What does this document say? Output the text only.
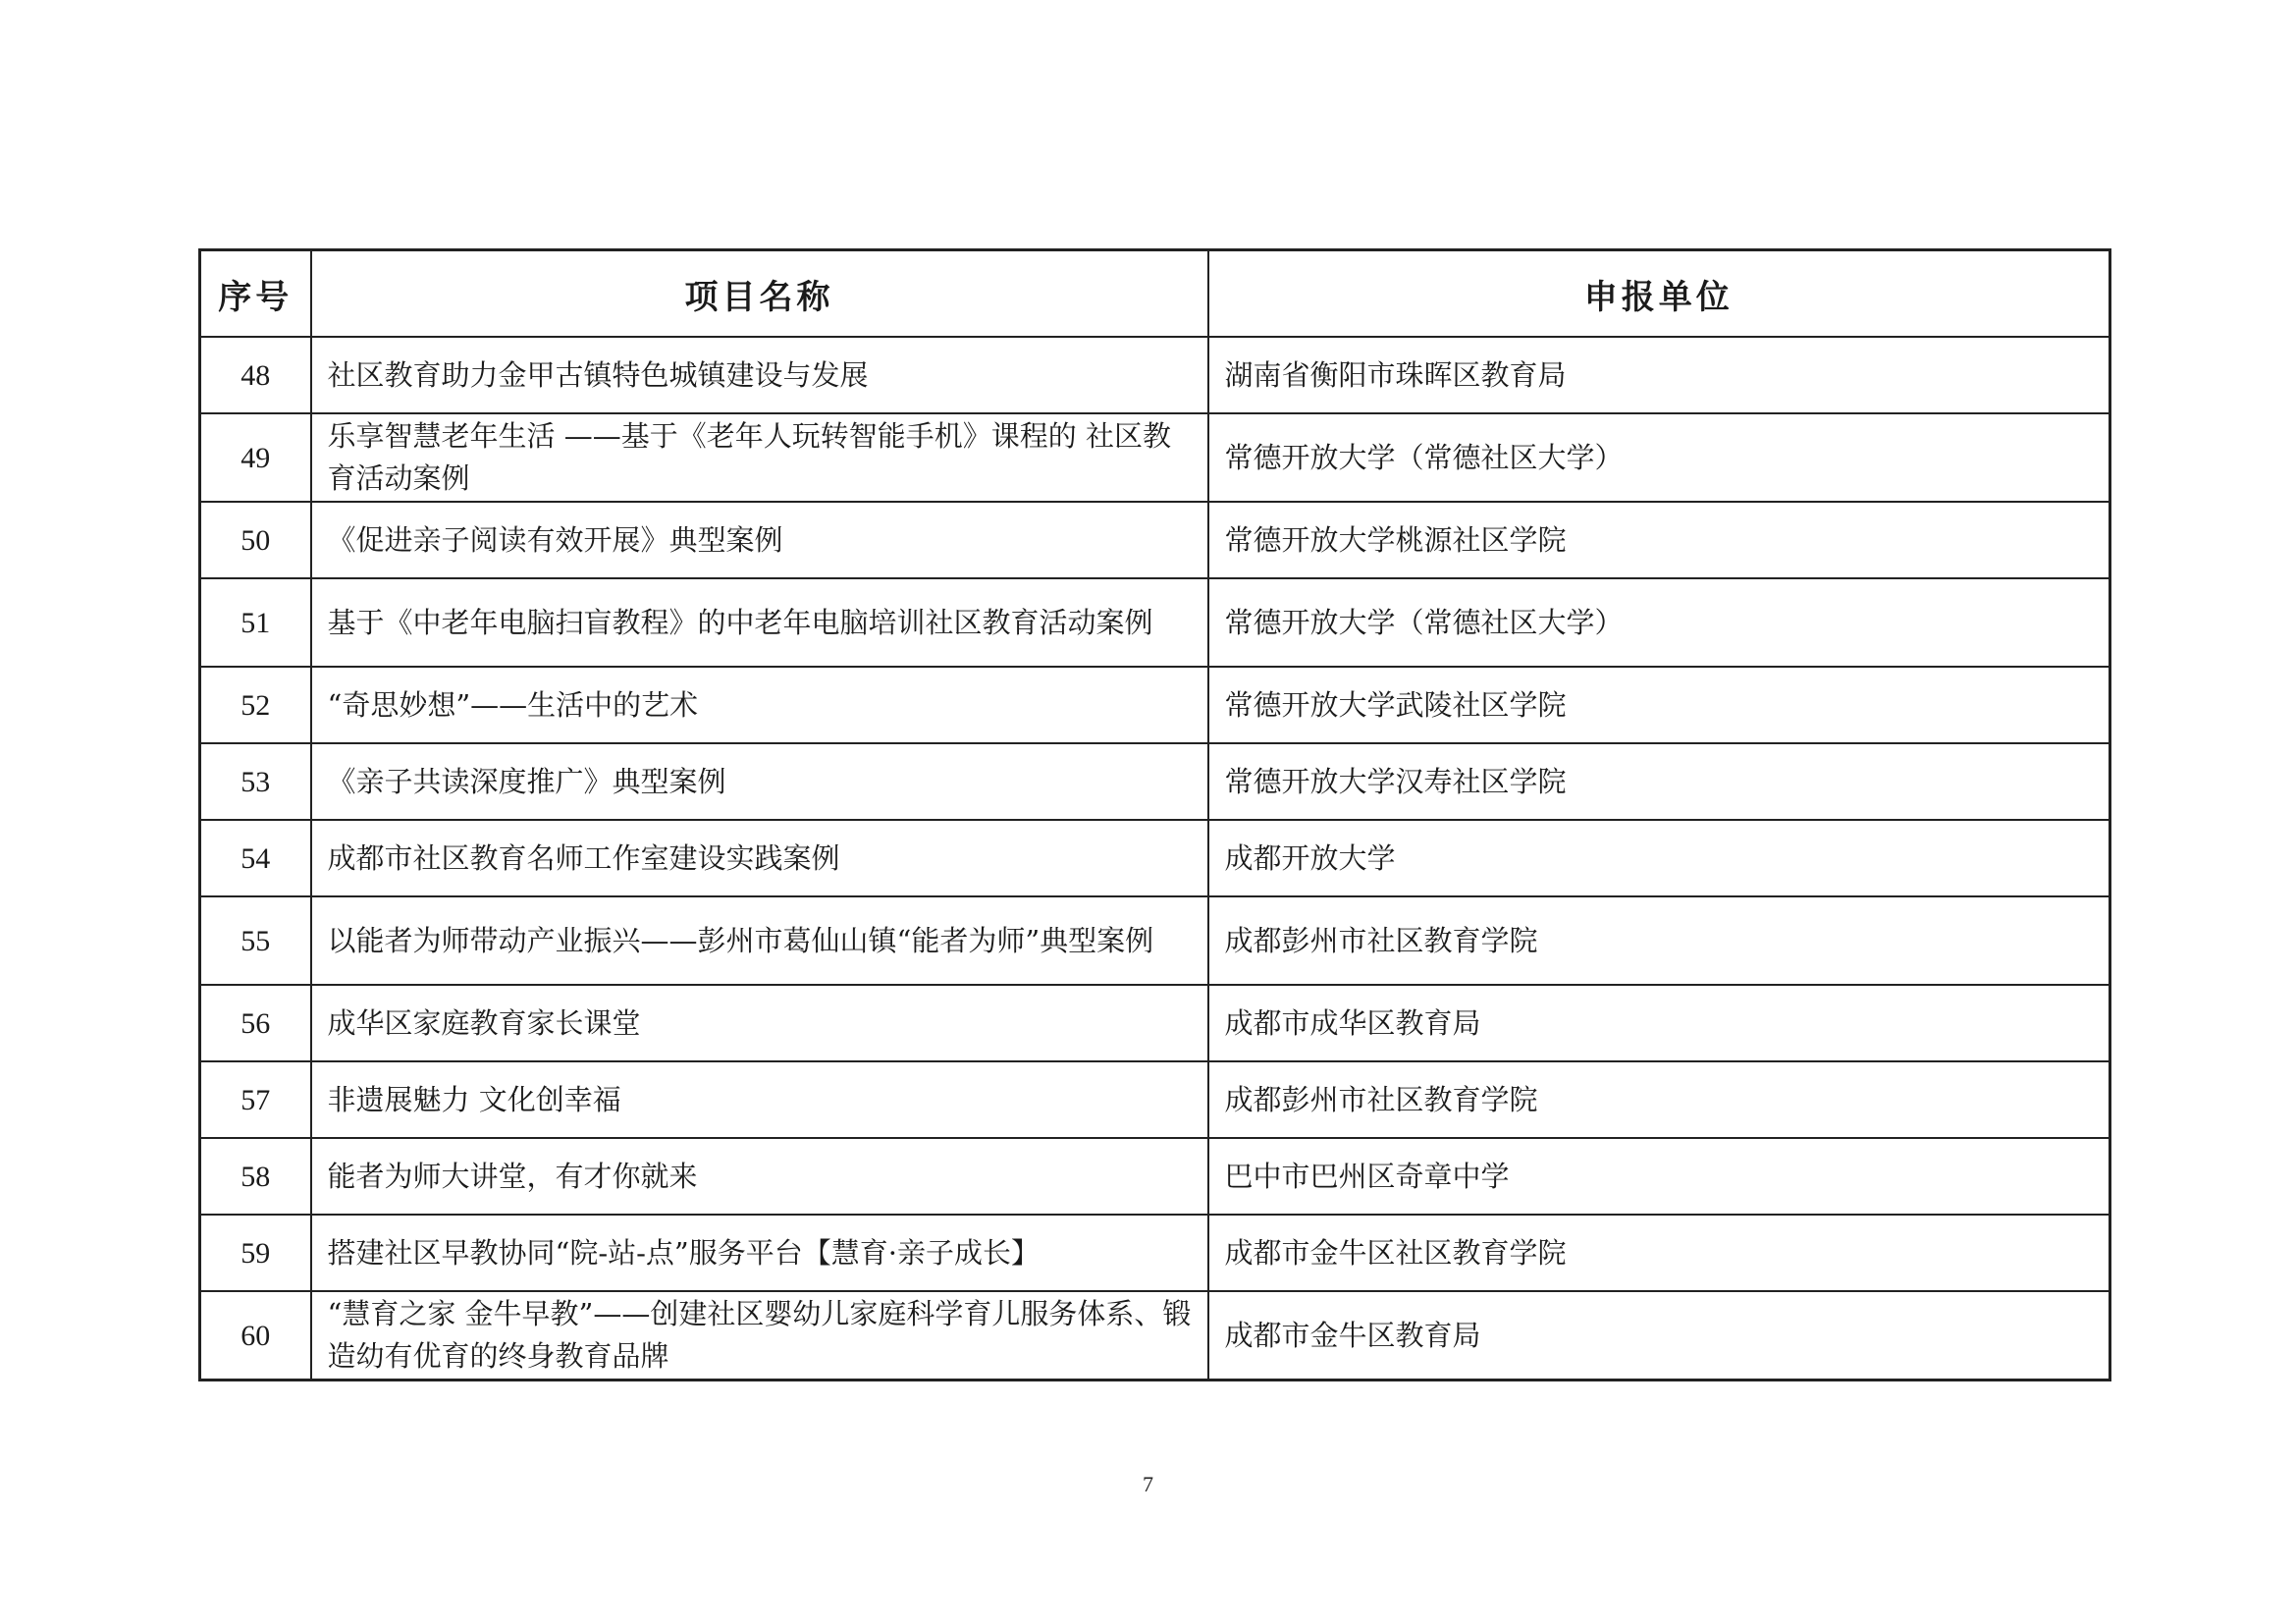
序号	项目名称	申报单位
48	社区教育助力金甲古镇特色城镇建设与发展	湖南省衡阳市珠晖区教育局
49	乐享智慧老年生活 ——基于《老年人玩转智能手机》课程的 社区教育活动案例	常德开放大学（常德社区大学）
50	《促进亲子阅读有效开展》典型案例	常德开放大学桃源社区学院
51	基于《中老年电脑扫盲教程》的中老年电脑培训社区教育活动案例	常德开放大学（常德社区大学）
52	“奇思妙想”——生活中的艺术	常德开放大学武陵社区学院
53	《亲子共读深度推广》典型案例	常德开放大学汉寿社区学院
54	成都市社区教育名师工作室建设实践案例	成都开放大学
55	以能者为师带动产业振兴——彭州市葛仙山镇“能者为师”典型案例	成都彭州市社区教育学院
56	成华区家庭教育家长课堂	成都市成华区教育局
57	非遗展魅力 文化创幸福	成都彭州市社区教育学院
58	能者为师大讲堂，有才你就来	巴中市巴州区奇章中学
59	搭建社区早教协同“院-站-点”服务平台【慧育·亲子成长】	成都市金牛区社区教育学院
60	“慧育之家 金牛早教”——创建社区婴幼儿家庭科学育儿服务体系、锻造幼有优育的终身教育品牌	成都市金牛区教育局
7
